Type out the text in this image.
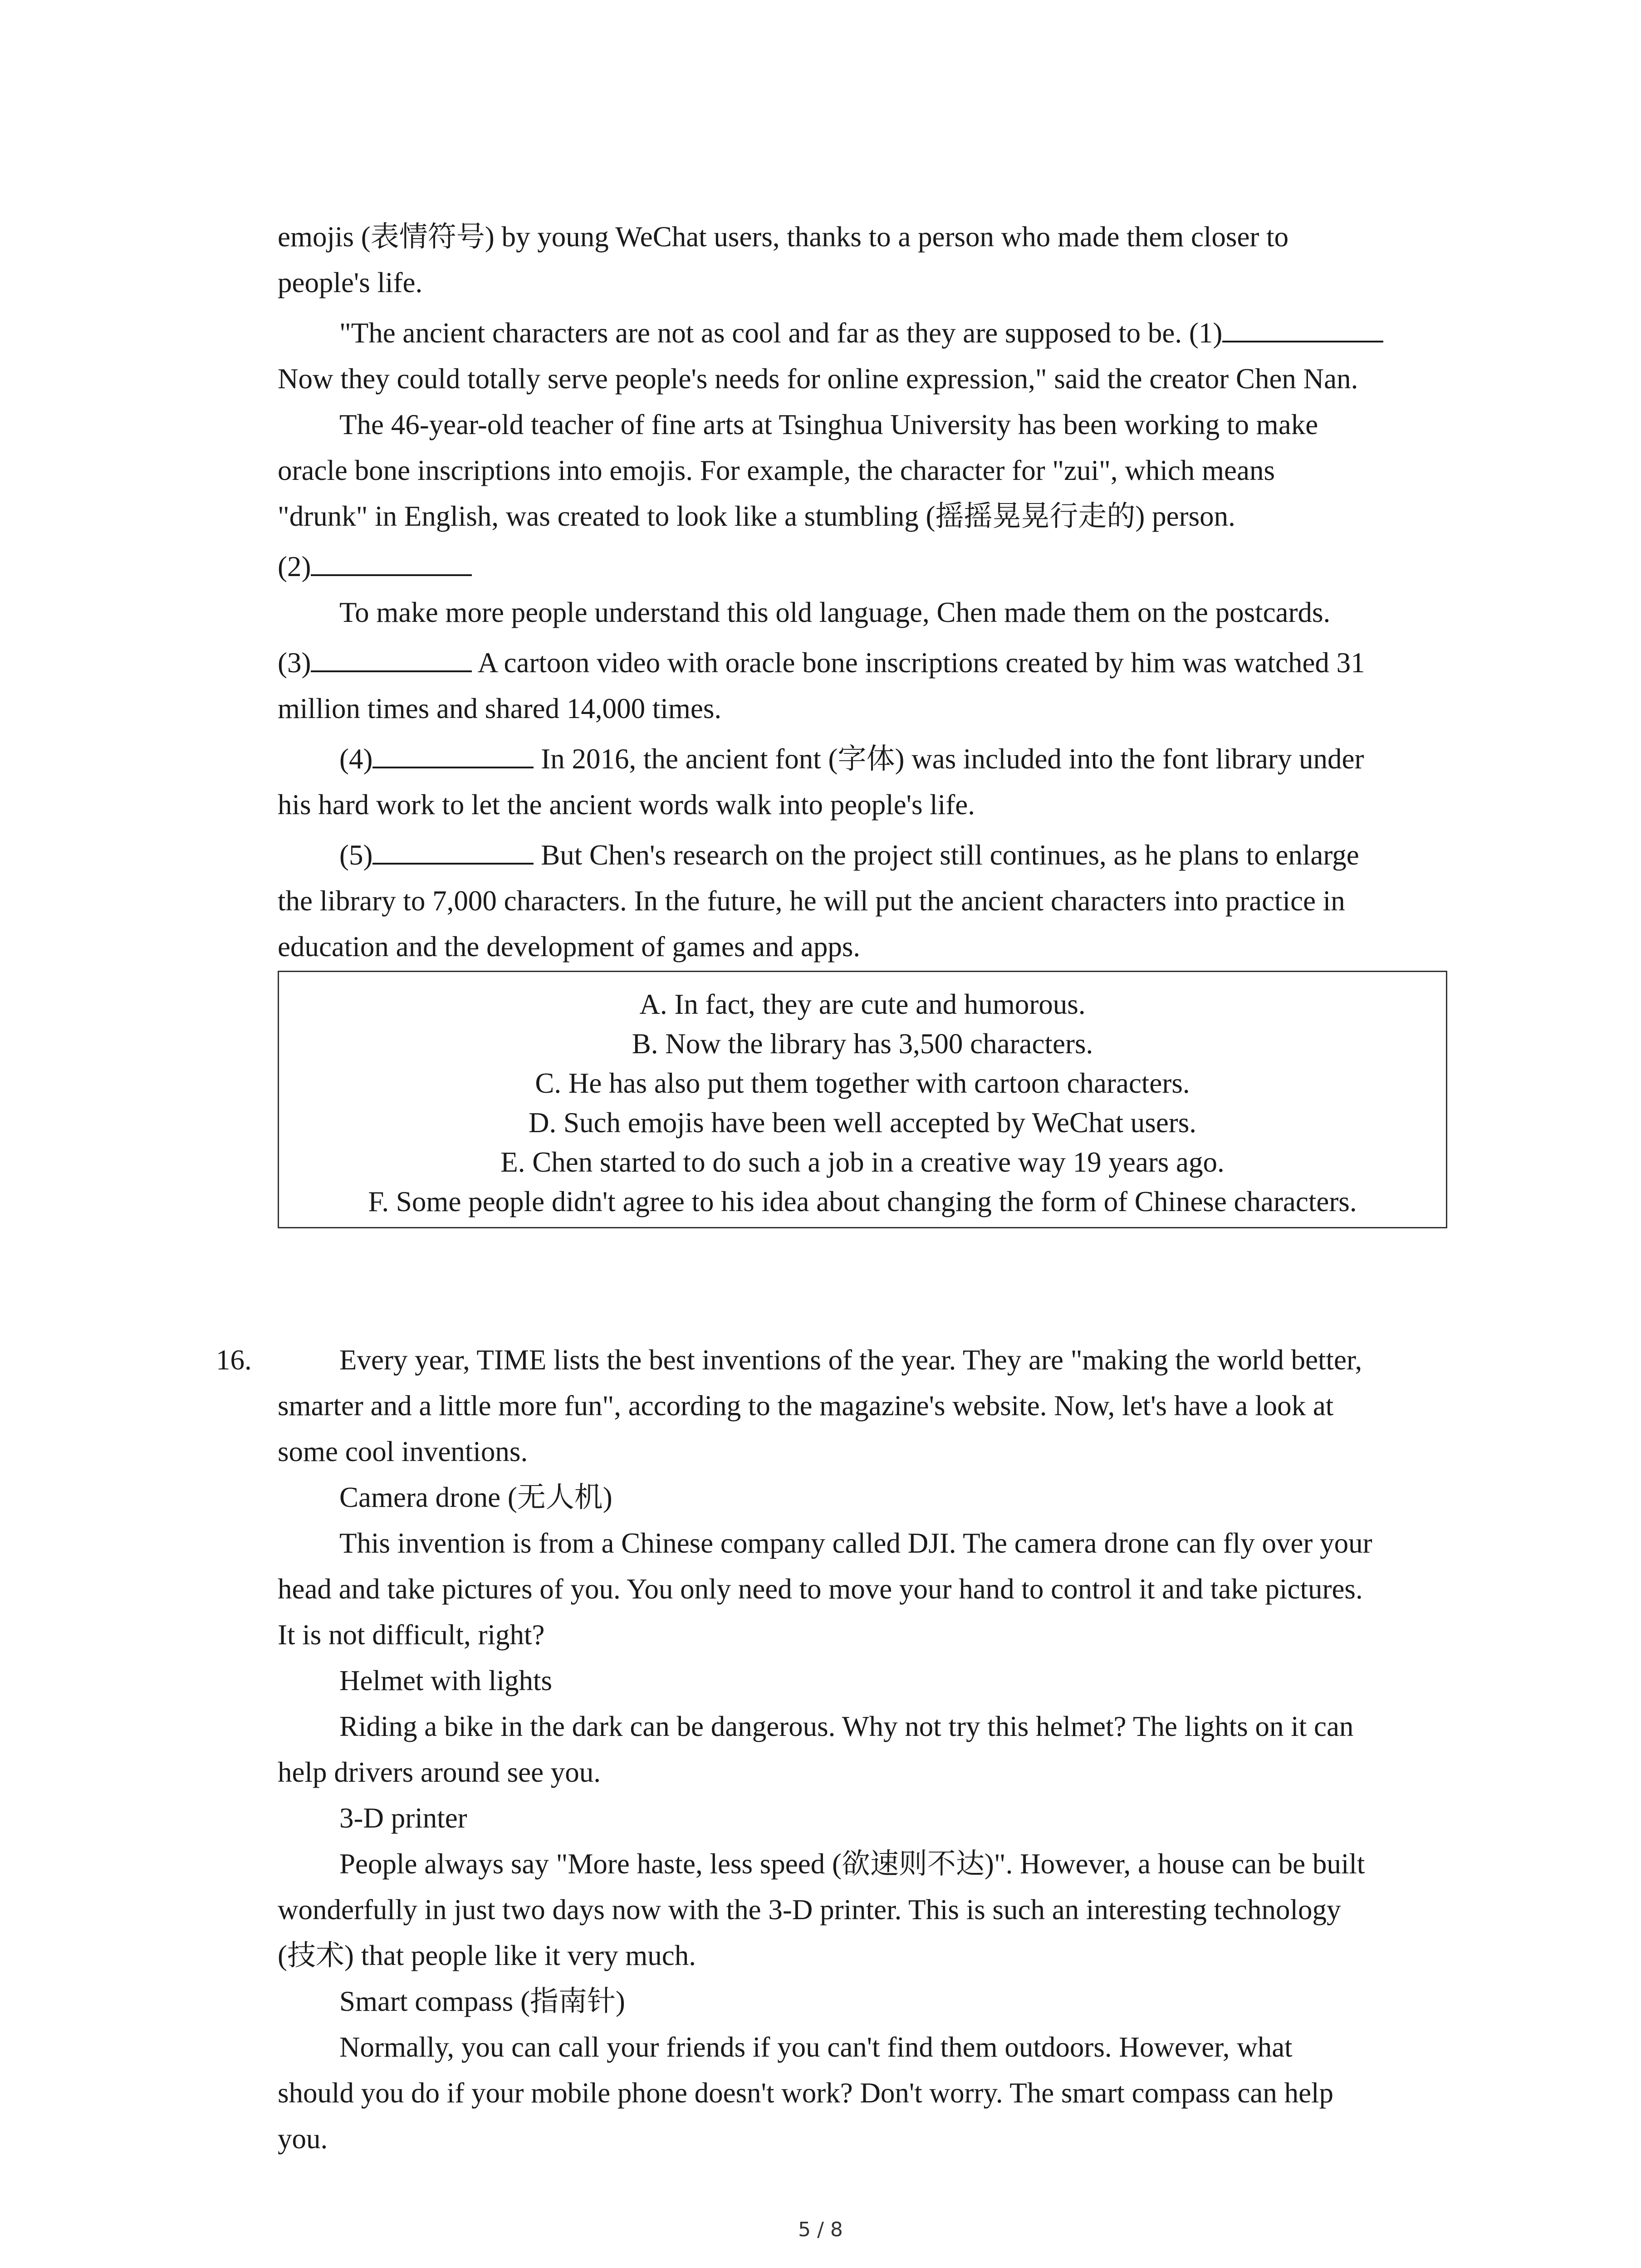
emojis (表情符号) by young WeChat users, thanks to a person who made them closer to
people's life.
"The ancient characters are not as cool and far as they are supposed to be. (1)
Now they could totally serve people's needs for online expression," said the creator Chen Nan.
The 46-year-old teacher of fine arts at Tsinghua University has been working to make
oracle bone inscriptions into emojis. For example, the character for "zui", which means
"drunk" in English, was created to look like a stumbling (摇摇晃晃行走的) person.
(2)
To make more people understand this old language, Chen made them on the postcards.
(3)	A cartoon video with oracle bone inscriptions created by him was watched 31
million times and shared 14,000 times.
(4)	In 2016, the ancient font (字体) was included into the font library under
his hard work to let the ancient words walk into people's life.
(5)	But Chen's research on the project still continues, as he plans to enlarge
the library to 7,000 characters. In the future, he will put the ancient characters into practice in
education and the development of games and apps.
A. In fact, they are cute and humorous.
B. Now the library has 3,500 characters.
C. He has also put them together with cartoon characters.
D. Such emojis have been well accepted by WeChat users.
E. Chen started to do such a job in a creative way 19 years ago.
F. Some people didn't agree to his idea about changing the form of Chinese characters.
16.	Every year, TIME lists the best inventions of the year. They are "making the world better,
smarter and a little more fun", according to the magazine's website. Now, let's have a look at
some cool inventions.
Camera drone (无人机)
This invention is from a Chinese company called DJI. The camera drone can fly over your
head and take pictures of you. You only need to move your hand to control it and take pictures.
It is not difficult, right?
Helmet with lights
Riding a bike in the dark can be dangerous. Why not try this helmet? The lights on it can
help drivers around see you.
3-D printer
People always say "More haste, less speed (欲速则不达)". However, a house can be built
wonderfully in just two days now with the 3-D printer. This is such an interesting technology
(技术) that people like it very much.
Smart compass (指南针)
Normally, you can call your friends if you can't find them outdoors. However, what
should you do if your mobile phone doesn't work? Don't worry. The smart compass can help
you.
5 / 8
